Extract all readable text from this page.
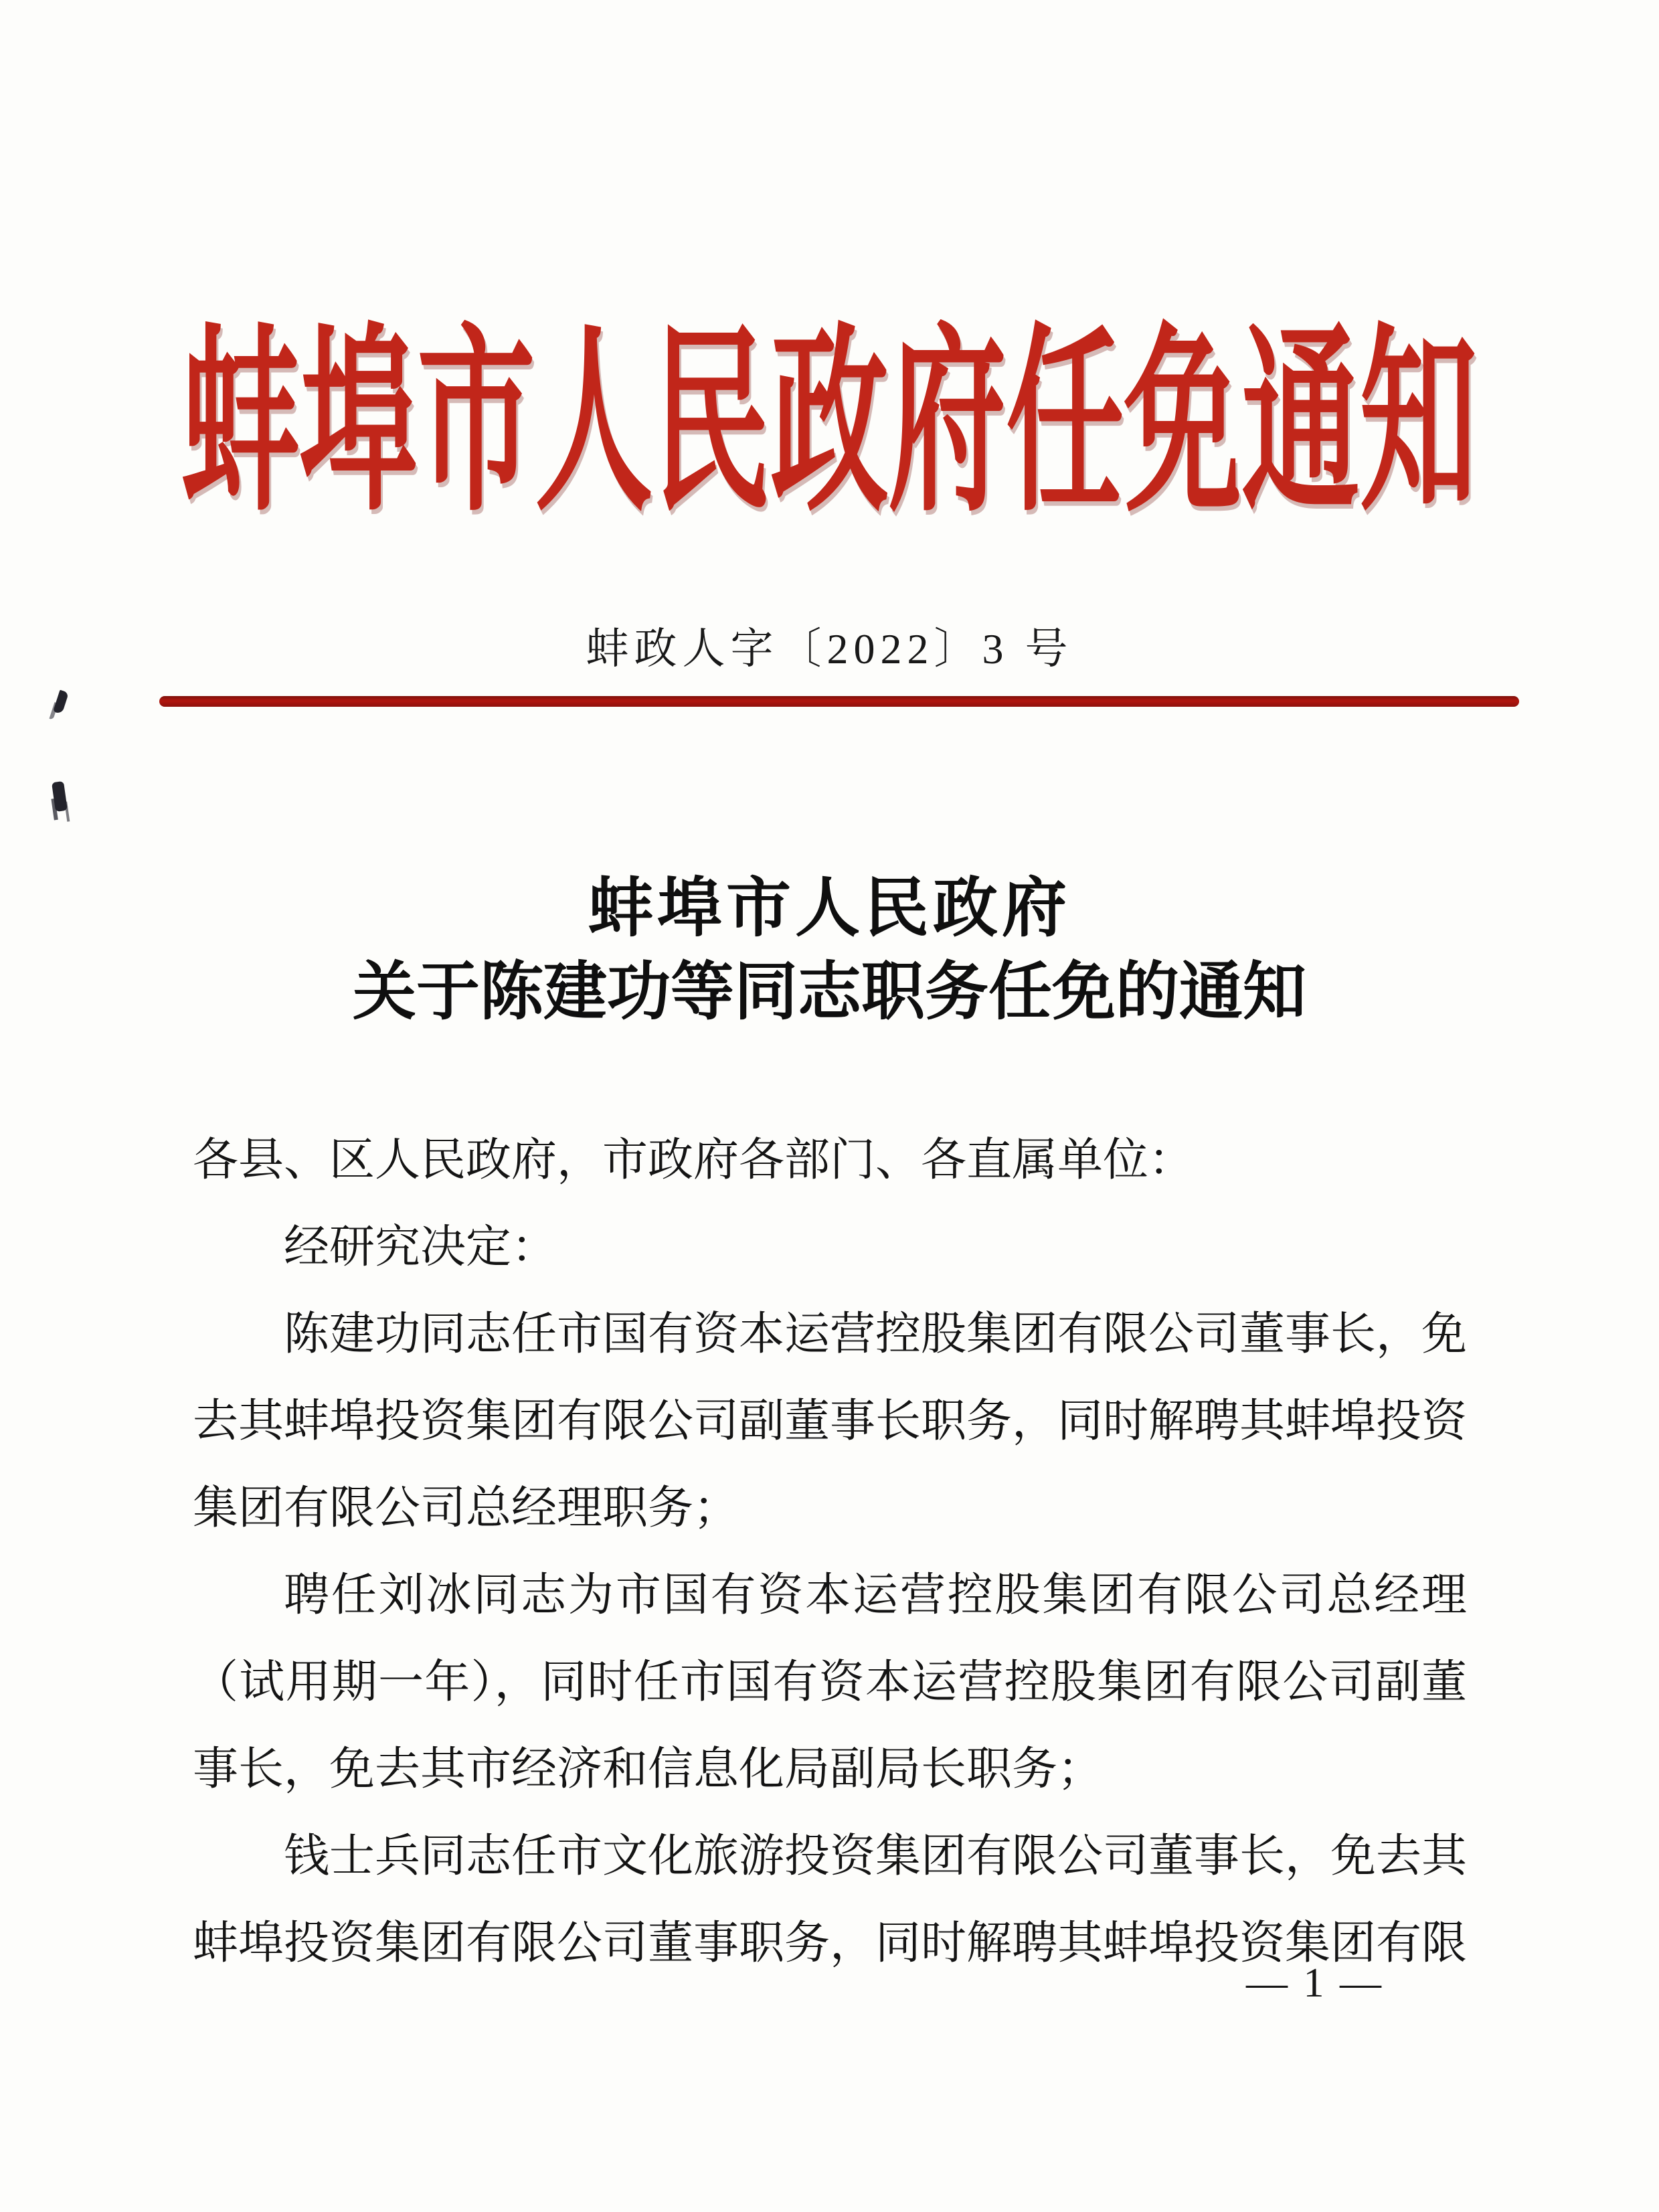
蚌埠市人民政府任免通知
蚌政人字〔2022〕3 号
蚌埠市人民政府
关于陈建功等同志职务任免的通知

各县、区人民政府，市政府各部门、各直属单位：

经研究决定：

陈建功同志任市国有资本运营控股集团有限公司董事长，免去其蚌埠投资集团有限公司副董事长职务，同时解聘其蚌埠投资集团有限公司总经理职务；

聘任刘冰同志为市国有资本运营控股集团有限公司总经理（试用期一年），同时任市国有资本运营控股集团有限公司副董事长，免去其市经济和信息化局副局长职务；

钱士兵同志任市文化旅游投资集团有限公司董事长，免去其蚌埠投资集团有限公司董事职务，同时解聘其蚌埠投资集团有限

— 1 —
